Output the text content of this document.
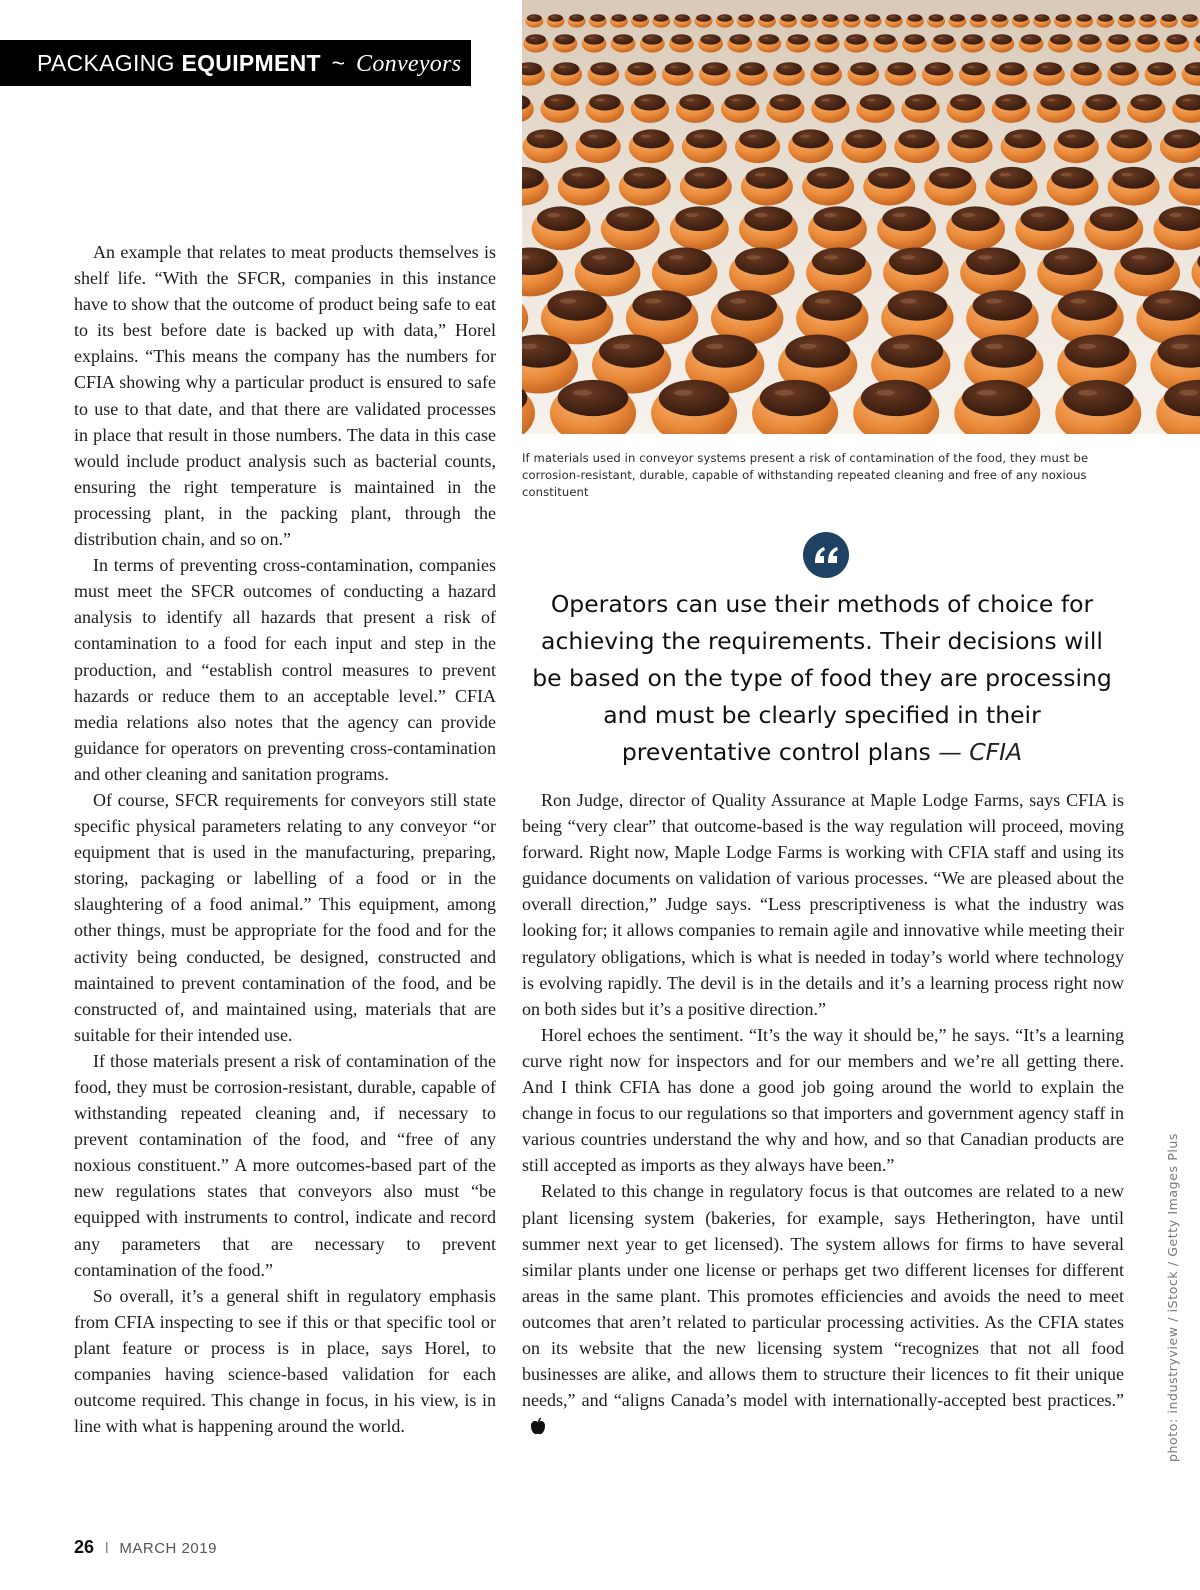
PACKAGING EQUIPMENT ~ Conveyors

If materials used in conveyor systems present a risk of contamination of the food, they must be corrosion-resistant, durable, capable of withstanding repeated cleaning and free of any noxious constituent

Operators can use their methods of choice for achieving the requirements. Their decisions will be based on the type of food they are processing and must be clearly specified in their preventative control plans — CFIA

An example that relates to meat products themselves is shelf life. “With the SFCR, companies in this instance have to show that the outcome of product being safe to eat to its best before date is backed up with data,” Horel explains. “This means the company has the numbers for CFIA showing why a particular product is ensured to safe to use to that date, and that there are validated processes in place that result in those numbers. The data in this case would include product analysis such as bacterial counts, ensuring the right temperature is maintained in the processing plant, in the packing plant, through the distribution chain, and so on.”

In terms of preventing cross-contamination, companies must meet the SFCR outcomes of conducting a hazard analysis to identify all hazards that present a risk of contamination to a food for each input and step in the production, and “establish control measures to prevent hazards or reduce them to an acceptable level.” CFIA media relations also notes that the agency can provide guidance for operators on preventing cross-contamination and other cleaning and sanitation programs.

Of course, SFCR requirements for conveyors still state specific physical parameters relating to any conveyor “or equipment that is used in the manufacturing, preparing, storing, packaging or labelling of a food or in the slaughtering of a food animal.” This equipment, among other things, must be appropriate for the food and for the activity being conducted, be designed, constructed and maintained to prevent contamination of the food, and be constructed of, and maintained using, materials that are suitable for their intended use.

If those materials present a risk of contamination of the food, they must be corrosion-resistant, durable, capable of withstanding repeated cleaning and, if necessary to prevent contamination of the food, and “free of any noxious constituent.” A more outcomes-based part of the new regulations states that conveyors also must “be equipped with instruments to control, indicate and record any parameters that are necessary to prevent contamination of the food.”

So overall, it’s a general shift in regulatory emphasis from CFIA inspecting to see if this or that specific tool or plant feature or process is in place, says Horel, to companies having science-based validation for each outcome required. This change in focus, in his view, is in line with what is happening around the world.

Ron Judge, director of Quality Assurance at Maple Lodge Farms, says CFIA is being “very clear” that outcome-based is the way regulation will proceed, moving forward. Right now, Maple Lodge Farms is working with CFIA staff and using its guidance documents on validation of various processes. “We are pleased about the overall direction,” Judge says. “Less prescriptiveness is what the industry was looking for; it allows companies to remain agile and innovative while meeting their regulatory obligations, which is what is needed in today’s world where technology is evolving rapidly. The devil is in the details and it’s a learning process right now on both sides but it’s a positive direction.”

Horel echoes the sentiment. “It’s the way it should be,” he says. “It’s a learning curve right now for inspectors and for our members and we’re all getting there. And I think CFIA has done a good job going around the world to explain the change in focus to our regulations so that importers and government agency staff in various countries understand the why and how, and so that Canadian products are still accepted as imports as they always have been.”

Related to this change in regulatory focus is that outcomes are related to a new plant licensing system (bakeries, for example, says Hetherington, have until summer next year to get licensed). The system allows for firms to have several similar plants under one license or perhaps get two different licenses for different areas in the same plant. This promotes efficiencies and avoids the need to meet outcomes that aren’t related to particular processing activities. As the CFIA states on its website that the new licensing system “recognizes that not all food businesses are alike, and allows them to structure their licences to fit their unique needs,” and “aligns Canada’s model with internationally-accepted best practices.”	photo: industryview / iStock / Getty Images Plus
26 I MARCH 2019
